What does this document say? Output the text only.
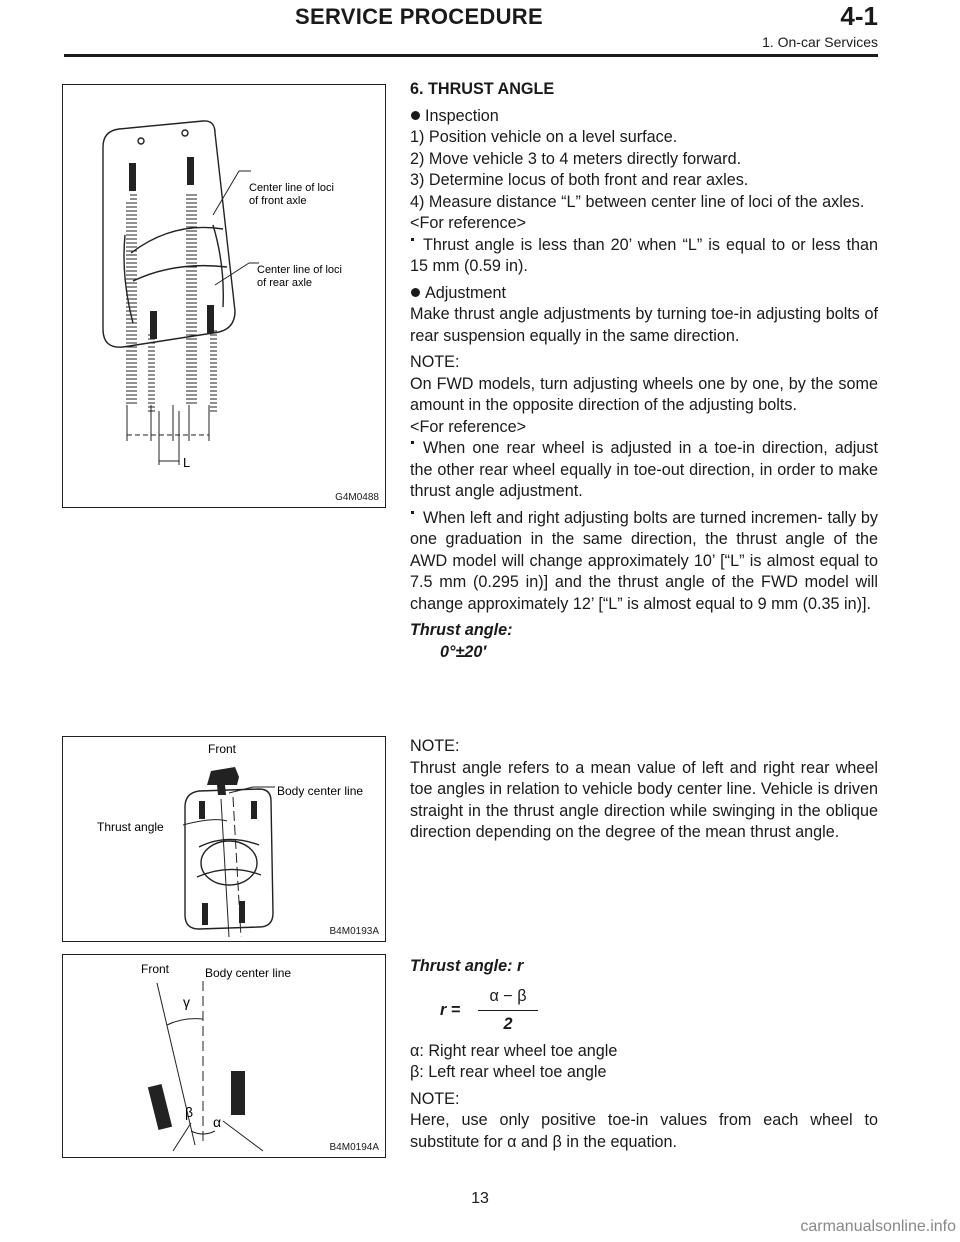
SERVICE PROCEDURE	4-1
1. On-car Services
Center line of loci
of front axle
Center line of loci
of rear axle
L
G4M0488
Front
Body center line
Thrust angle
B4M0193A
Front	Body center line
γ
β
α
B4M0194A

6. THRUST ANGLE

Inspection

1) Position vehicle on a level surface.

2) Move vehicle 3 to 4 meters directly forward.

3) Determine locus of both front and rear axles.

4) Measure distance “L” between center line of loci of the axles.

<For reference>

Thrust angle is less than 20’ when “L” is equal to or less than 15 mm (0.59 in).

Adjustment

Make thrust angle adjustments by turning toe-in adjusting bolts of rear suspension equally in the same direction.

NOTE:

On FWD models, turn adjusting wheels one by one, by the some amount in the opposite direction of the adjusting bolts.

<For reference>

When one rear wheel is adjusted in a toe-in direction, adjust the other rear wheel equally in toe-out direction, in order to make thrust angle adjustment.

When left and right adjusting bolts are turned incremen- tally by one graduation in the same direction, the thrust angle of the AWD model will change approximately 10’ [“L” is almost equal to 7.5 mm (0.295 in)] and the thrust angle of the FWD model will change approximately 12’ [“L” is almost equal to 9 mm (0.35 in)].

Thrust angle:

0°±20′

NOTE:

Thrust angle refers to a mean value of left and right rear wheel toe angles in relation to vehicle body center line. Vehicle is driven straight in the thrust angle direction while swinging in the oblique direction depending on the degree of the mean thrust angle.

Thrust angle: r

r =
α − β
2

α: Right rear wheel toe angle

β: Left rear wheel toe angle

NOTE:

Here, use only positive toe-in values from each wheel to substitute for α and β in the equation.

13
carmanualsonline.info
